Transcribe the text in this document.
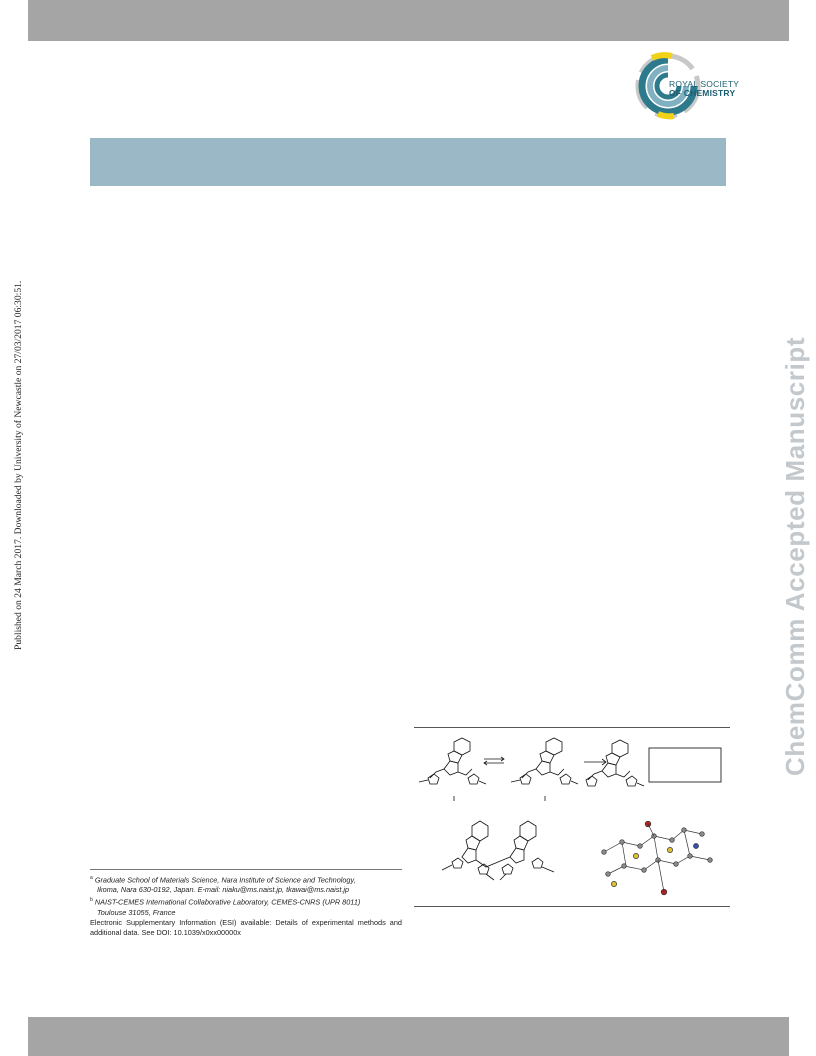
ROYAL SOCIETY
OF CHEMISTRY
Published on 24 March 2017. Downloaded by University of Newcastle on 27/03/2017 06:30:51.	ChemComm Accepted Manuscript
$^a$ Graduate School of Materials Science, Nara Institute of Science and Technology,
Ikoma, Nara 630-0192, Japan. E-mail: niaku@ms.naist.jp, tkawai@ms.naist.jp
$^b$ NAIST-CEMES International Collaborative Laboratory, CEMES-CNRS (UPR 8011)
Toulouse 31055, France
Electronic Supplementary Information (ESI) available: Details of experimental methods and additional data. See DOI: 10.1039/x0xx00000x
